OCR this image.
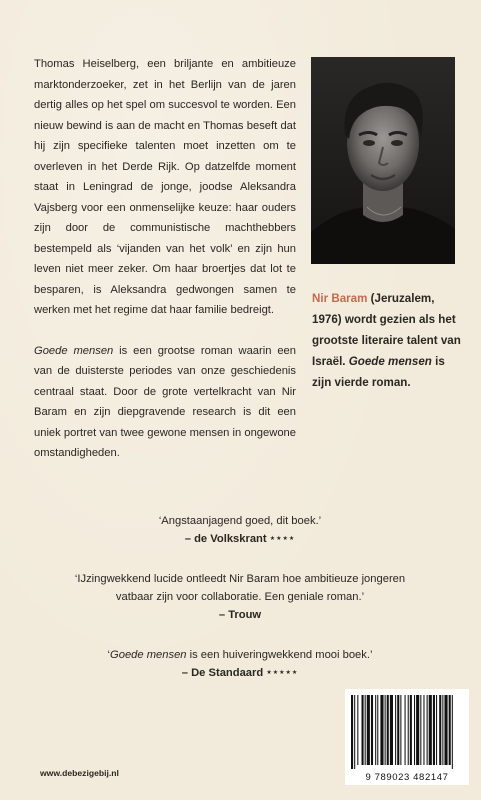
Thomas Heiselberg, een briljante en ambitieuze marktonderzoeker, zet in het Berlijn van de jaren dertig alles op het spel om succesvol te worden. Een nieuw bewind is aan de macht en Thomas beseft dat hij zijn specifieke talenten moet inzetten om te overleven in het Derde Rijk. Op datzelfde moment staat in Leningrad de jonge, joodse Aleksandra Vajsberg voor een onmenselijke keuze: haar ouders zijn door de communistische machthebbers bestempeld als ‘vijanden van het volk’ en zijn hun leven niet meer zeker. Om haar broertjes dat lot te besparen, is Aleksandra gedwongen samen te werken met het regime dat haar familie bedreigt.

Goede mensen is een grootse roman waarin een van de duisterste periodes van onze geschiedenis centraal staat. Door de grote vertelkracht van Nir Baram en zijn diepgravende research is dit een uniek portret van twee gewone mensen in ongewone omstandigheden.

Nir Baram (Jeruzalem, 1976) wordt gezien als het grootste literaire talent van Israël. Goede mensen is zijn vierde roman.
‘Angstaanjagend goed, dit boek.’
– de Volkskrant ★★★★
‘IJzingwekkend lucide ontleedt Nir Baram hoe ambitieuze jongeren vatbaar zijn voor collaboratie. Een geniale roman.’
– Trouw
‘Goede mensen is een huiveringwekkend mooi boek.’
– De Standaard ★★★★★
www.debezigebij.nl	9 789023 482147
